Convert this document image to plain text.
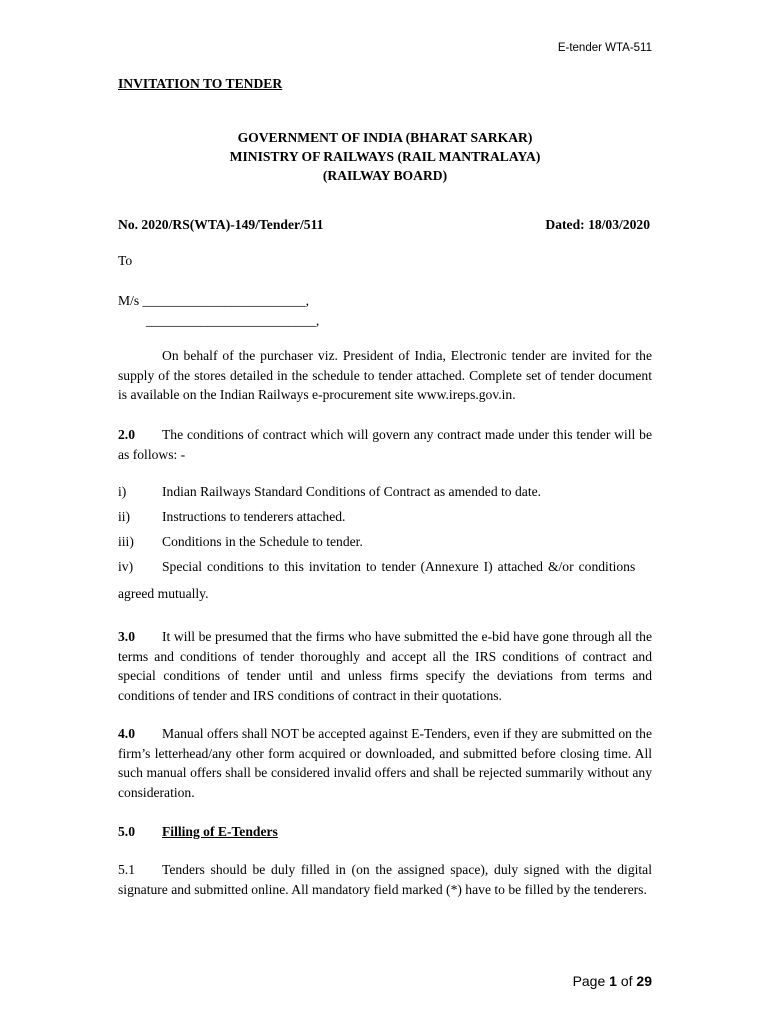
E-tender WTA-511
INVITATION TO TENDER
GOVERNMENT OF INDIA (BHARAT SARKAR)
MINISTRY OF RAILWAYS (RAIL MANTRALAYA)
(RAILWAY BOARD)
No. 2020/RS(WTA)-149/Tender/511	Dated: 18/03/2020
To
M/s ________________________,
_________________________,
On behalf of the purchaser viz. President of India, Electronic tender are invited for the supply of the stores detailed in the schedule to tender attached. Complete set of tender document is available on the Indian Railways e-procurement site www.ireps.gov.in.
2.0 The conditions of contract which will govern any contract made under this tender will be as follows: -
i)	Indian Railways Standard Conditions of Contract as amended to date.
ii) Instructions to tenderers attached.
iii) Conditions in the Schedule to tender.
iv) Special conditions to this invitation to tender (Annexure I) attached &/or conditions
agreed mutually.
3.0 It will be presumed that the firms who have submitted the e-bid have gone through all the terms and conditions of tender thoroughly and accept all the IRS conditions of contract and special conditions of tender until and unless firms specify the deviations from terms and conditions of tender and IRS conditions of contract in their quotations.
4.0 Manual offers shall NOT be accepted against E-Tenders, even if they are submitted on the firm’s letterhead/any other form acquired or downloaded, and submitted before closing time. All such manual offers shall be considered invalid offers and shall be rejected summarily without any consideration.
5.0 Filling of E-Tenders
5.1 Tenders should be duly filled in (on the assigned space), duly signed with the digital signature and submitted online. All mandatory field marked (*) have to be filled by the tenderers.
Page 1 of 29
